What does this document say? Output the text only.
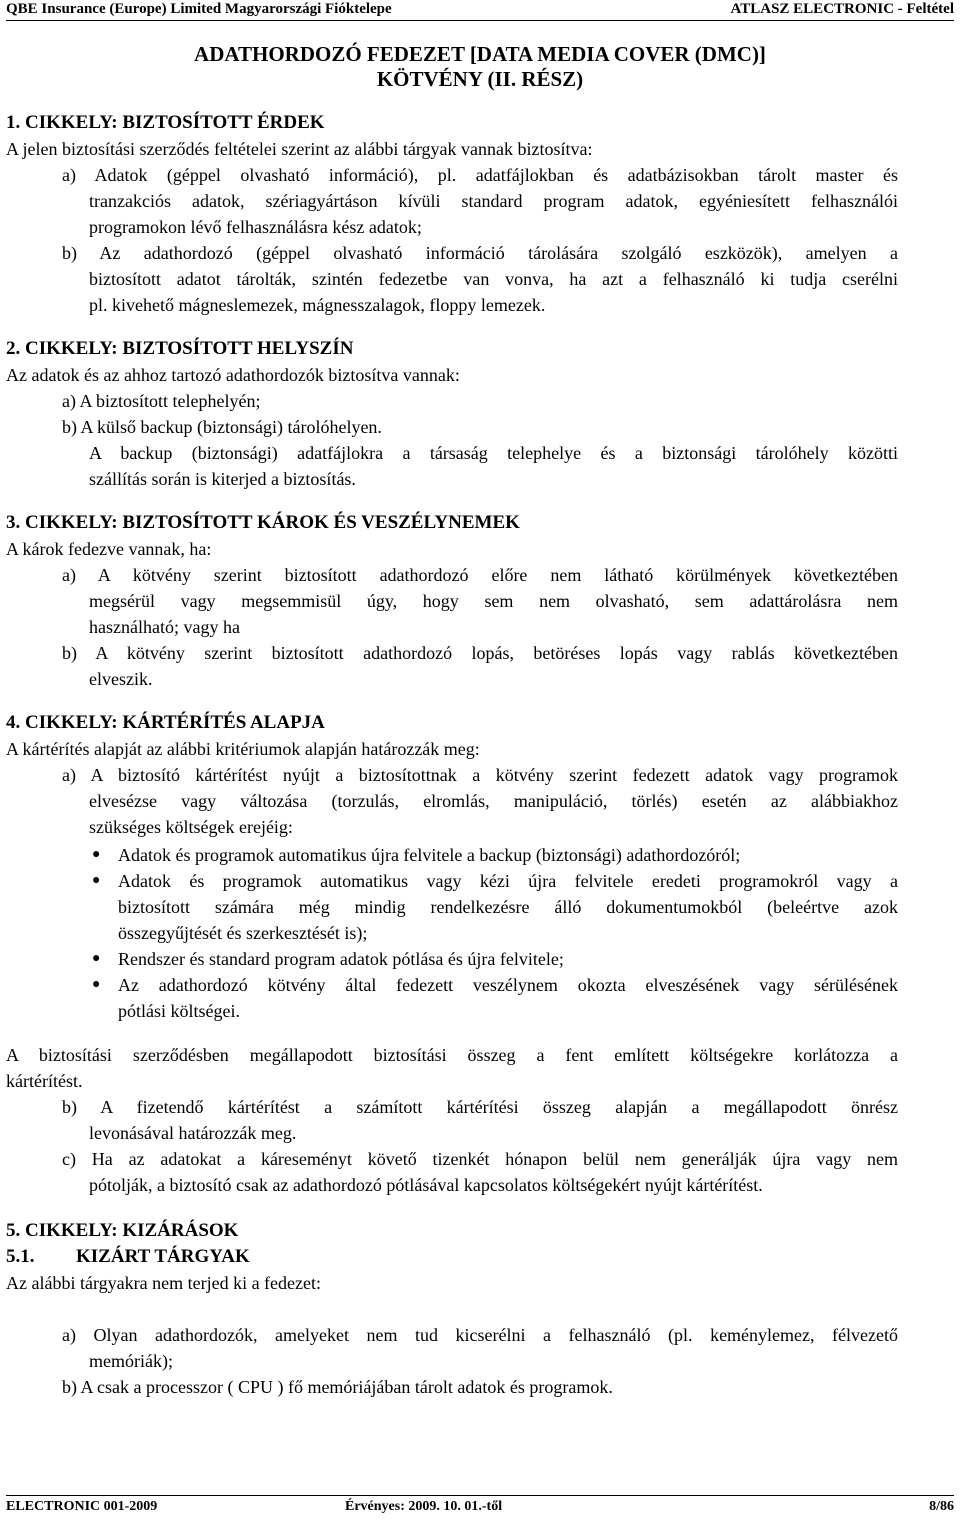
QBE Insurance (Europe) Limited Magyarországi Fióktelepe	ATLASZ ELECTRONIC - Feltétel
ADATHORDOZÓ FEDEZET [DATA MEDIA COVER (DMC)]
KÖTVÉNY (II. RÉSZ)
1. CIKKELY: BIZTOSÍTOTT ÉRDEK
A jelen biztosítási szerződés feltételei szerint az alábbi tárgyak vannak biztosítva:
a) Adatok (géppel olvasható információ), pl. adatfájlokban és adatbázisokban tárolt master és
tranzakciós adatok, szériagyártáson kívüli standard program adatok, egyéniesített felhasználói
programokon lévő felhasználásra kész adatok;
b) Az adathordozó (géppel olvasható információ tárolására szolgáló eszközök), amelyen a
biztosított adatot tárolták, szintén fedezetbe van vonva, ha azt a felhasználó ki tudja cserélni
pl. kivehető mágneslemezek, mágnesszalagok, floppy lemezek.
2. CIKKELY: BIZTOSÍTOTT HELYSZÍN
Az adatok és az ahhoz tartozó adathordozók biztosítva vannak:
a) A biztosított telephelyén;
b) A külső backup (biztonsági) tárolóhelyen.
A backup (biztonsági) adatfájlokra a társaság telephelye és a biztonsági tárolóhely közötti
szállítás során is kiterjed a biztosítás.
3. CIKKELY: BIZTOSÍTOTT KÁROK ÉS VESZÉLYNEMEK
A károk fedezve vannak, ha:
a) A kötvény szerint biztosított adathordozó előre nem látható körülmények következtében
megsérül vagy megsemmisül úgy, hogy sem nem olvasható, sem adattárolásra nem
használható; vagy ha
b) A kötvény szerint biztosított adathordozó lopás, betöréses lopás vagy rablás következtében
elveszik.
4. CIKKELY: KÁRTÉRÍTÉS ALAPJA
A kártérítés alapját az alábbi kritériumok alapján határozzák meg:
a) A biztosító kártérítést nyújt a biztosítottnak a kötvény szerint fedezett adatok vagy programok
elvesézse vagy változása (torzulás, elromlás, manipuláció, törlés) esetén az alábbiakhoz
szükséges költségek erejéig:
● Adatok és programok automatikus újra felvitele a backup (biztonsági) adathordozóról;
● Adatok és programok automatikus vagy kézi újra felvitele eredeti programokról vagy a
biztosított számára még mindig rendelkezésre álló dokumentumokból (beleértve azok
összegyűjtését és szerkesztését is);
● Rendszer és standard program adatok pótlása és újra felvitele;
● Az adathordozó kötvény által fedezett veszélynem okozta elveszésének vagy sérülésének
pótlási költségei.
A biztosítási szerződésben megállapodott biztosítási összeg a fent említett költségekre korlátozza a
kártérítést.
b) A fizetendő kártérítést a számított kártérítési összeg alapján a megállapodott önrész
levonásával határozzák meg.
c) Ha az adatokat a káreseményt követő tizenkét hónapon belül nem generálják újra vagy nem
pótolják, a biztosító csak az adathordozó pótlásával kapcsolatos költségekért nyújt kártérítést.
5. CIKKELY: KIZÁRÁSOK
5.1. KIZÁRT TÁRGYAK
Az alábbi tárgyakra nem terjed ki a fedezet:
a) Olyan adathordozók, amelyeket nem tud kicserélni a felhasználó (pl. keménylemez, félvezető
memóriák);
b) A csak a processzor ( CPU ) fő memóriájában tárolt adatok és programok.
ELECTRONIC 001-2009	Érvényes: 2009. 10. 01.-től	8/86
